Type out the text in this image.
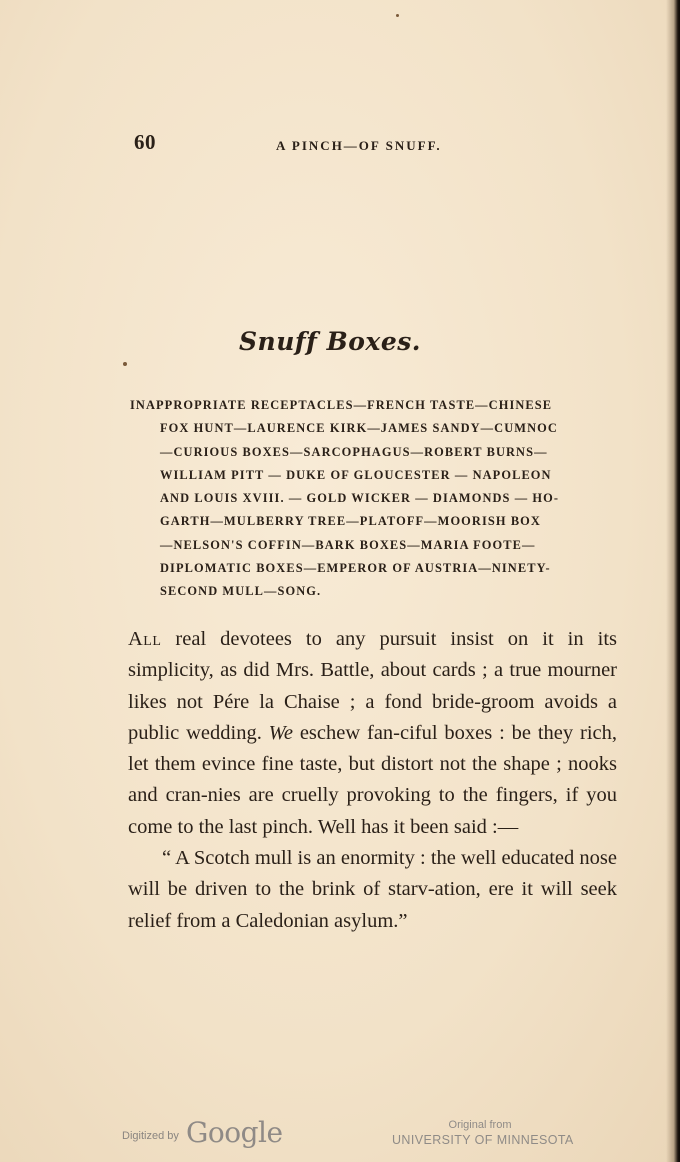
60	A PINCH—OF SNUFF.
Snuff Boxes.
INAPPROPRIATE RECEPTACLES—FRENCH TASTE—CHINESE
FOX HUNT—LAURENCE KIRK—JAMES SANDY—CUMNOC
—CURIOUS BOXES—SARCOPHAGUS—ROBERT BURNS—
WILLIAM PITT — DUKE OF GLOUCESTER — NAPOLEON
AND LOUIS XVIII. — GOLD WICKER — DIAMONDS — HO-
GARTH—MULBERRY TREE—PLATOFF—MOORISH BOX
—NELSON'S COFFIN—BARK BOXES—MARIA FOOTE—
DIPLOMATIC BOXES—EMPEROR OF AUSTRIA—NINETY-
SECOND MULL—SONG.

All real devotees to any pursuit insist on it in its simplicity, as did Mrs. Battle, about cards ; a true mourner likes not Pére la Chaise ; a fond bride-groom avoids a public wedding. We eschew fan-ciful boxes : be they rich, let them evince fine taste, but distort not the shape ; nooks and cran-nies are cruelly provoking to the fingers, if you come to the last pinch. Well has it been said :—

“ A Scotch mull is an enormity : the well educated nose will be driven to the brink of starv-ation, ere it will seek relief from a Caledonian asylum.”

Digitized by Google	Original from
UNIVERSITY OF MINNESOTA
